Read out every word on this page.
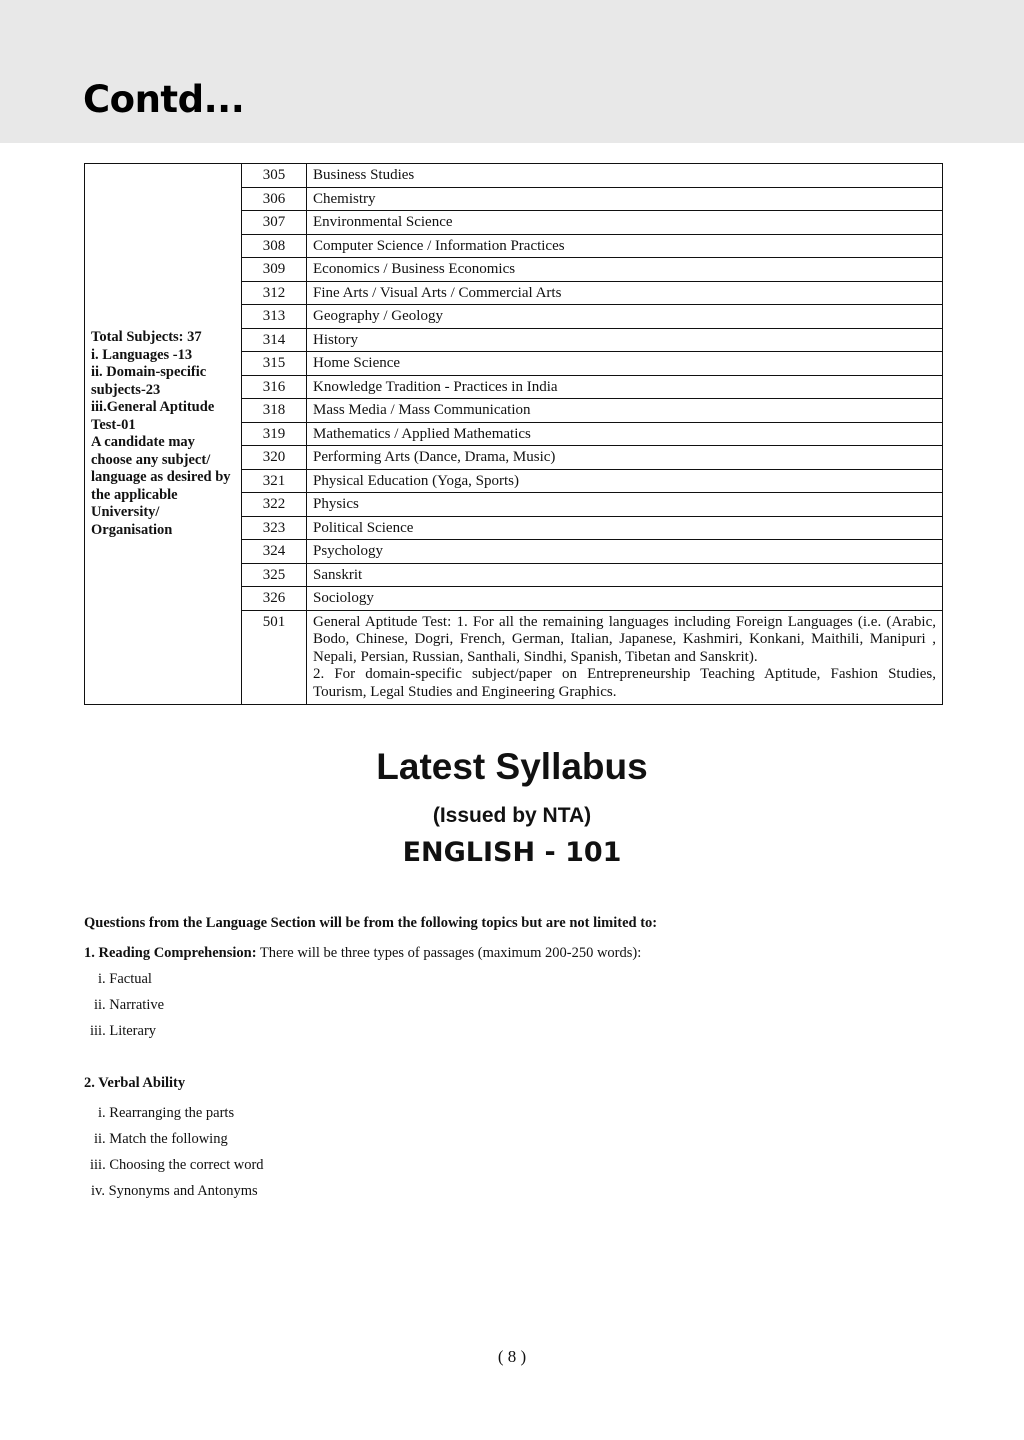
Contd...
Total Subjects: 37
i. Languages -13
ii. Domain-specific subjects-23
iii.General Aptitude Test-01
A candidate may choose any subject/ language as desired by the applicable University/ Organisation	305	Business Studies
	306	Chemistry
	307	Environmental Science
	308	Computer Science / Information Practices
	309	Economics / Business Economics
	312	Fine Arts / Visual Arts / Commercial Arts
	313	Geography / Geology
	314	History
	315	Home Science
	316	Knowledge Tradition - Practices in India
	318	Mass Media / Mass Communication
	319	Mathematics / Applied Mathematics
	320	Performing Arts (Dance, Drama, Music)
	321	Physical Education (Yoga, Sports)
	322	Physics
	323	Political Science
	324	Psychology
	325	Sanskrit
	326	Sociology
	501	General Aptitude Test: 1. For all the remaining languages including Foreign Languages (i.e. (Arabic, Bodo, Chinese, Dogri, French, German, Italian, Japanese, Kashmiri, Konkani, Maithili, Manipuri , Nepali, Persian, Russian, Santhali, Sindhi, Spanish, Tibetan and Sanskrit).
2. For domain-specific subject/paper on Entrepreneurship Teaching Aptitude, Fashion Studies, Tourism, Legal Studies and Engineering Graphics.
Latest Syllabus

(Issued by NTA)

ENGLISH - 101

Questions from the Language Section will be from the following topics but are not limited to:

1. Reading Comprehension: There will be three types of passages (maximum 200-250 words):

i. Factual

ii. Narrative

iii. Literary

2. Verbal Ability

i. Rearranging the parts

ii. Match the following

iii. Choosing the correct word

iv. Synonyms and Antonyms

( 8 )
